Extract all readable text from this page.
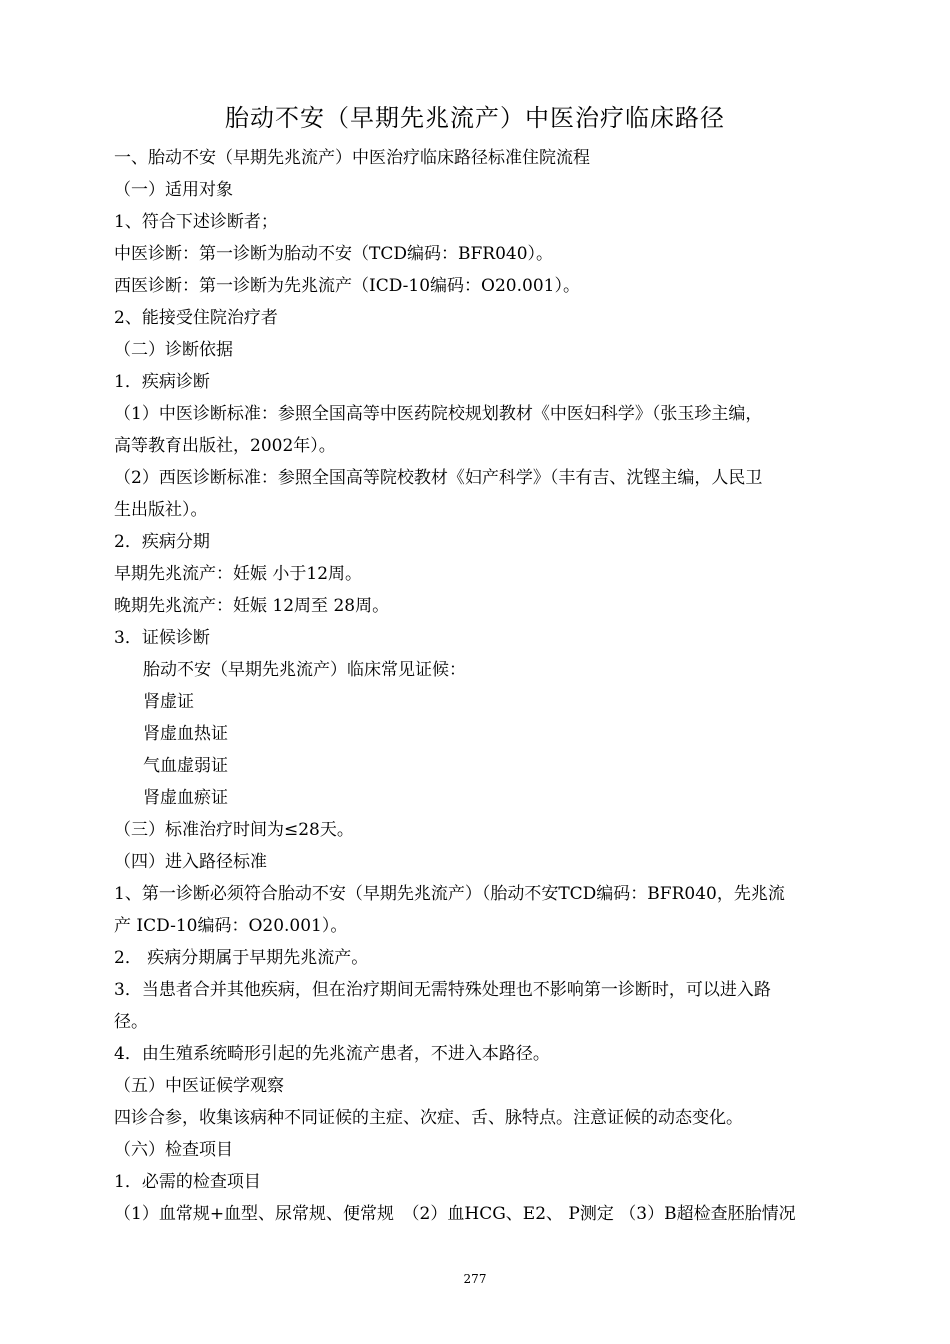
胎动不安（早期先兆流产）中医治疗临床路径
一、胎动不安（早期先兆流产）中医治疗临床路径标准住院流程
（一）适用对象
1、符合下述诊断者；
中医诊断：第一诊断为胎动不安（TCD编码：BFR040）。
西医诊断：第一诊断为先兆流产（ICD-10编码：O20.001）。
2、能接受住院治疗者
（二）诊断依据
1．疾病诊断
（1）中医诊断标准：参照全国高等中医药院校规划教材《中医妇科学》（张玉珍主编，
高等教育出版社，2002年）。
（2）西医诊断标准：参照全国高等院校教材《妇产科学》（丰有吉、沈铿主编，人民卫
生出版社）。
2．疾病分期
早期先兆流产：妊娠 小于12周。
晚期先兆流产：妊娠 12周至 28周。
3．证候诊断
胎动不安（早期先兆流产）临床常见证候：
肾虚证
肾虚血热证
气血虚弱证
肾虚血瘀证
（三）标准治疗时间为≤28天。
（四）进入路径标准
1、第一诊断必须符合胎动不安（早期先兆流产）（胎动不安TCD编码：BFR040，先兆流
产 ICD-10编码：O20.001）。
2． 疾病分期属于早期先兆流产。
3．当患者合并其他疾病，但在治疗期间无需特殊处理也不影响第一诊断时，可以进入路
径。
4．由生殖系统畸形引起的先兆流产患者，不进入本路径。
（五）中医证候学观察
四诊合参，收集该病种不同证候的主症、次症、舌、脉特点。注意证候的动态变化。
（六）检查项目
1．必需的检查项目
（1）血常规+血型、尿常规、便常规　（2）血HCG、E2、 P测定 （3）B超检查胚胎情况
277
